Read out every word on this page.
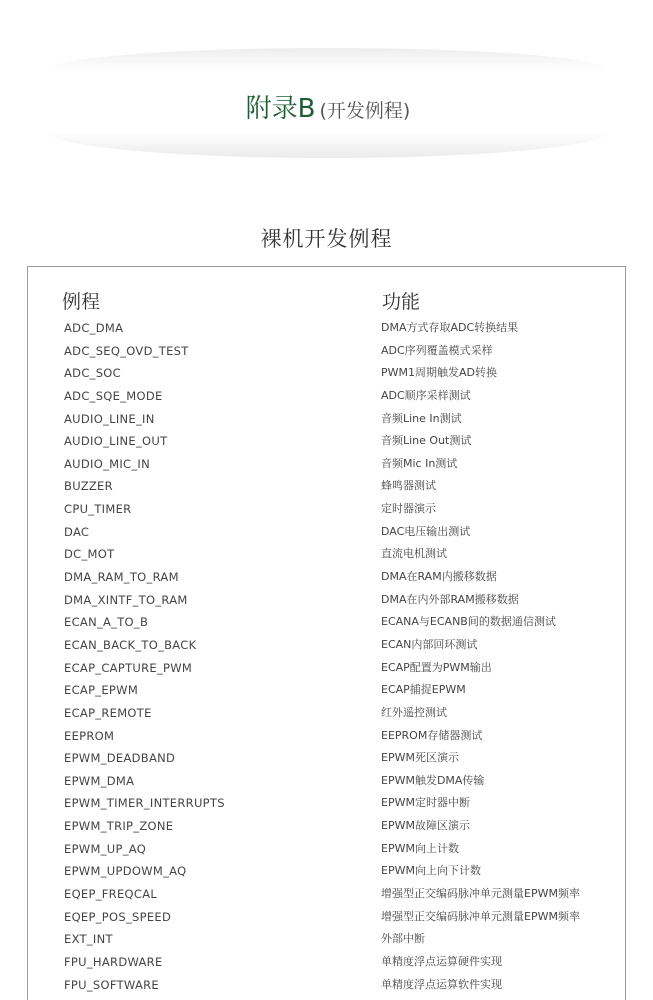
附录B (开发例程)
裸机开发例程
例程	功能
ADC_DMA	DMA方式存取ADC转换结果
ADC_SEQ_OVD_TEST	ADC序列覆盖模式采样
ADC_SOC	PWM1周期触发AD转换
ADC_SQE_MODE	ADC顺序采样测试
AUDIO_LINE_IN	音频Line In测试
AUDIO_LINE_OUT	音频Line Out测试
AUDIO_MIC_IN	音频Mic In测试
BUZZER	蜂鸣器测试
CPU_TIMER	定时器演示
DAC	DAC电压输出测试
DC_MOT	直流电机测试
DMA_RAM_TO_RAM	DMA在RAM内搬移数据
DMA_XINTF_TO_RAM	DMA在内外部RAM搬移数据
ECAN_A_TO_B	ECANA与ECANB间的数据通信测试
ECAN_BACK_TO_BACK	ECAN内部回环测试
ECAP_CAPTURE_PWM	ECAP配置为PWM输出
ECAP_EPWM	ECAP捕捉EPWM
ECAP_REMOTE	红外遥控测试
EEPROM	EEPROM存储器测试
EPWM_DEADBAND	EPWM死区演示
EPWM_DMA	EPWM触发DMA传输
EPWM_TIMER_INTERRUPTS	EPWM定时器中断
EPWM_TRIP_ZONE	EPWM故障区演示
EPWM_UP_AQ	EPWM向上计数
EPWM_UPDOWM_AQ	EPWM向上向下计数
EQEP_FREQCAL	增强型正交编码脉冲单元测量EPWM频率
EQEP_POS_SPEED	增强型正交编码脉冲单元测量EPWM频率
EXT_INT	外部中断
FPU_HARDWARE	单精度浮点运算硬件实现
FPU_SOFTWARE	单精度浮点运算软件实现
